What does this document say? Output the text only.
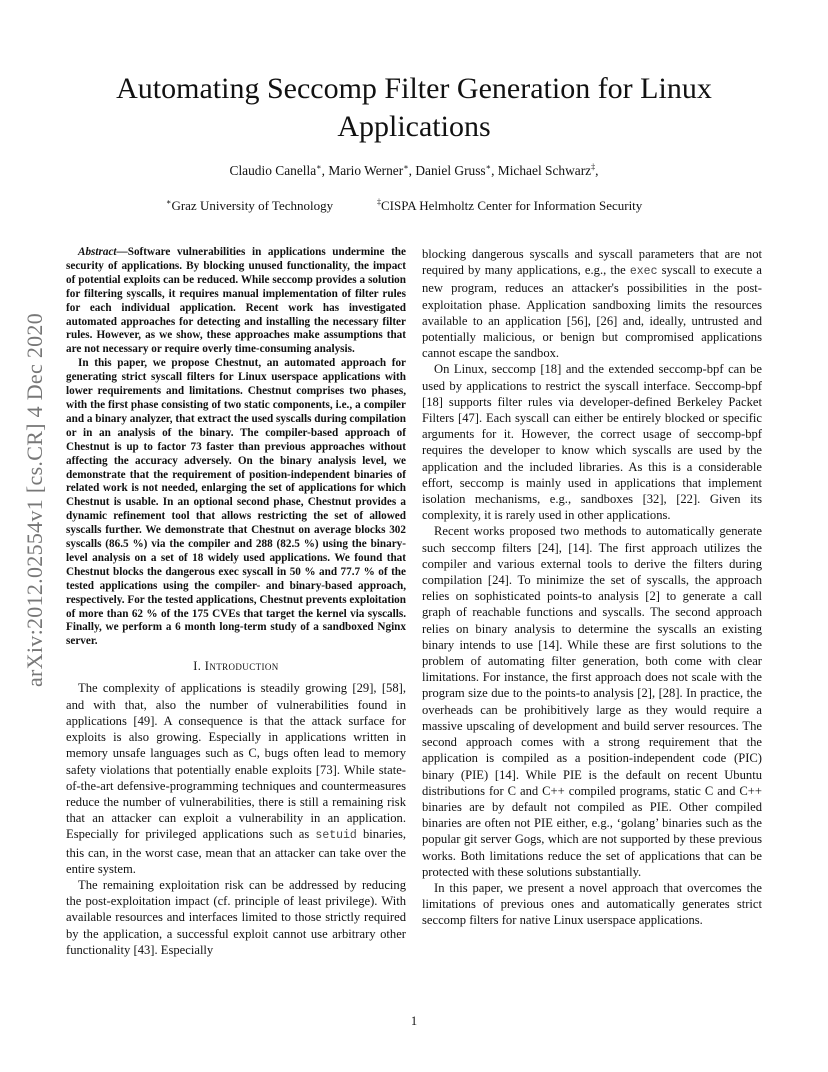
Automating Seccomp Filter Generation for Linux Applications
Claudio Canella∗, Mario Werner∗, Daniel Gruss∗, Michael Schwarz‡,
∗Graz University of Technology	‡CISPA Helmholtz Center for Information Security
arXiv:2012.02554v1 [cs.CR] 4 Dec 2020

Abstract—Software vulnerabilities in applications undermine the security of applications. By blocking unused functionality, the impact of potential exploits can be reduced. While seccomp provides a solution for filtering syscalls, it requires manual implementation of filter rules for each individual application. Recent work has investigated automated approaches for detecting and installing the necessary filter rules. However, as we show, these approaches make assumptions that are not necessary or require overly time-consuming analysis.

In this paper, we propose Chestnut, an automated approach for generating strict syscall filters for Linux userspace applications with lower requirements and limitations. Chestnut comprises two phases, with the first phase consisting of two static components, i.e., a compiler and a binary analyzer, that extract the used syscalls during compilation or in an analysis of the binary. The compiler-based approach of Chestnut is up to factor 73 faster than previous approaches without affecting the accuracy adversely. On the binary analysis level, we demonstrate that the requirement of position-independent binaries of related work is not needed, enlarging the set of applications for which Chestnut is usable. In an optional second phase, Chestnut provides a dynamic refinement tool that allows restricting the set of allowed syscalls further. We demonstrate that Chestnut on average blocks 302 syscalls (86.5 %) via the compiler and 288 (82.5 %) using the binary-level analysis on a set of 18 widely used applications. We found that Chestnut blocks the dangerous exec syscall in 50 % and 77.7 % of the tested applications using the compiler- and binary-based approach, respectively. For the tested applications, Chestnut prevents exploitation of more than 62 % of the 175 CVEs that target the kernel via syscalls. Finally, we perform a 6 month long-term study of a sandboxed Nginx server.

I. Introduction

The complexity of applications is steadily growing [29], [58], and with that, also the number of vulnerabilities found in applications [49]. A consequence is that the attack surface for exploits is also growing. Especially in applications written in memory unsafe languages such as C, bugs often lead to memory safety violations that potentially enable exploits [73]. While state-of-the-art defensive-programming techniques and countermeasures reduce the number of vulnerabilities, there is still a remaining risk that an attacker can exploit a vulnerability in an application. Especially for privileged applications such as setuid binaries, this can, in the worst case, mean that an attacker can take over the entire system.

The remaining exploitation risk can be addressed by reducing the post-exploitation impact (cf. principle of least privilege). With available resources and interfaces limited to those strictly required by the application, a successful exploit cannot use arbitrary other functionality [43]. Especially

blocking dangerous syscalls and syscall parameters that are not required by many applications, e.g., the exec syscall to execute a new program, reduces an attacker's possibilities in the post-exploitation phase. Application sandboxing limits the resources available to an application [56], [26] and, ideally, untrusted and potentially malicious, or benign but compromised applications cannot escape the sandbox.

On Linux, seccomp [18] and the extended seccomp-bpf can be used by applications to restrict the syscall interface. Seccomp-bpf [18] supports filter rules via developer-defined Berkeley Packet Filters [47]. Each syscall can either be entirely blocked or specific arguments for it. However, the correct usage of seccomp-bpf requires the developer to know which syscalls are used by the application and the included libraries. As this is a considerable effort, seccomp is mainly used in applications that implement isolation mechanisms, e.g., sandboxes [32], [22]. Given its complexity, it is rarely used in other applications.

Recent works proposed two methods to automatically generate such seccomp filters [24], [14]. The first approach utilizes the compiler and various external tools to derive the filters during compilation [24]. To minimize the set of syscalls, the approach relies on sophisticated points-to analysis [2] to generate a call graph of reachable functions and syscalls. The second approach relies on binary analysis to determine the syscalls an existing binary intends to use [14]. While these are first solutions to the problem of automating filter generation, both come with clear limitations. For instance, the first approach does not scale with the program size due to the points-to analysis [2], [28]. In practice, the overheads can be prohibitively large as they would require a massive upscaling of development and build server resources. The second approach comes with a strong requirement that the application is compiled as a position-independent code (PIC) binary (PIE) [14]. While PIE is the default on recent Ubuntu distributions for C and C++ compiled programs, static C and C++ binaries are by default not compiled as PIE. Other compiled binaries are often not PIE either, e.g., ‘golang’ binaries such as the popular git server Gogs, which are not supported by these previous works. Both limitations reduce the set of applications that can be protected with these solutions substantially.

In this paper, we present a novel approach that overcomes the limitations of previous ones and automatically generates strict seccomp filters for native Linux userspace applications.

1
